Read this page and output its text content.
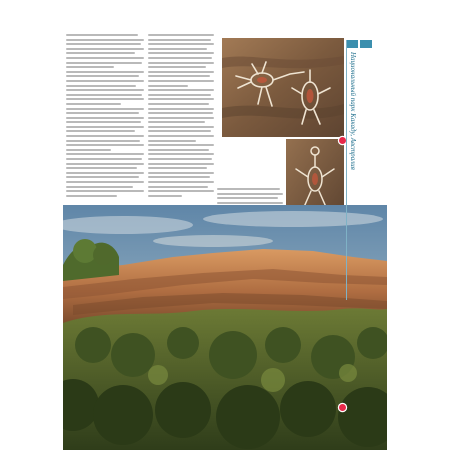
Национальный парк Какаду, Австралия
